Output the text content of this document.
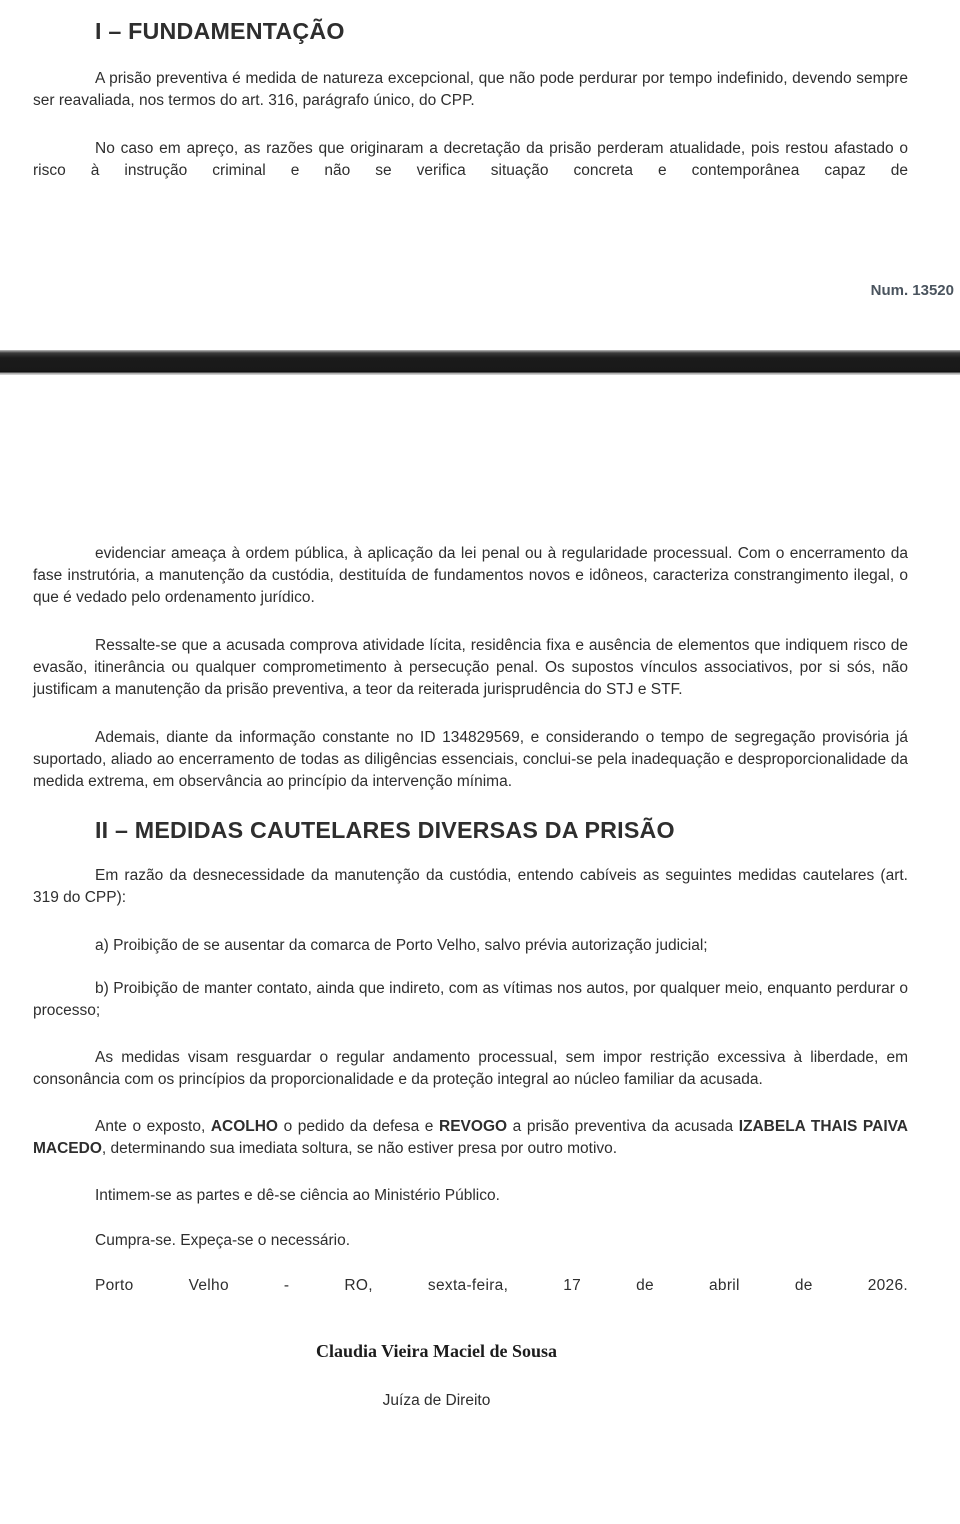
I – FUNDAMENTAÇÃO

A prisão preventiva é medida de natureza excepcional, que não pode perdurar por tempo indefinido, devendo sempre ser reavaliada, nos termos do art. 316, parágrafo único, do CPP.

No caso em apreço, as razões que originaram a decretação da prisão perderam atualidade, pois restou afastado o risco à instrução criminal e não se verifica situação concreta e contemporânea capaz de

Num. 13520

evidenciar ameaça à ordem pública, à aplicação da lei penal ou à regularidade processual. Com o encerramento da fase instrutória, a manutenção da custódia, destituída de fundamentos novos e idôneos, caracteriza constrangimento ilegal, o que é vedado pelo ordenamento jurídico.

Ressalte-se que a acusada comprova atividade lícita, residência fixa e ausência de elementos que indiquem risco de evasão, itinerância ou qualquer comprometimento à persecução penal. Os supostos vínculos associativos, por si sós, não justificam a manutenção da prisão preventiva, a teor da reiterada jurisprudência do STJ e STF.

Ademais, diante da informação constante no ID 134829569, e considerando o tempo de segregação provisória já suportado, aliado ao encerramento de todas as diligências essenciais, conclui-se pela inadequação e desproporcionalidade da medida extrema, em observância ao princípio da intervenção mínima.

II – MEDIDAS CAUTELARES DIVERSAS DA PRISÃO

Em razão da desnecessidade da manutenção da custódia, entendo cabíveis as seguintes medidas cautelares (art. 319 do CPP):

a) Proibição de se ausentar da comarca de Porto Velho, salvo prévia autorização judicial;

b) Proibição de manter contato, ainda que indireto, com as vítimas nos autos, por qualquer meio, enquanto perdurar o processo;

As medidas visam resguardar o regular andamento processual, sem impor restrição excessiva à liberdade, em consonância com os princípios da proporcionalidade e da proteção integral ao núcleo familiar da acusada.

Ante o exposto, ACOLHO o pedido da defesa e REVOGO a prisão preventiva da acusada IZABELA THAIS PAIVA MACEDO, determinando sua imediata soltura, se não estiver presa por outro motivo.

Intimem-se as partes e dê-se ciência ao Ministério Público.

Cumpra-se. Expeça-se o necessário.

Porto Velho - RO, sexta-feira, 17 de abril de 2026.

Claudia Vieira Maciel de Sousa
Juíza de Direito
